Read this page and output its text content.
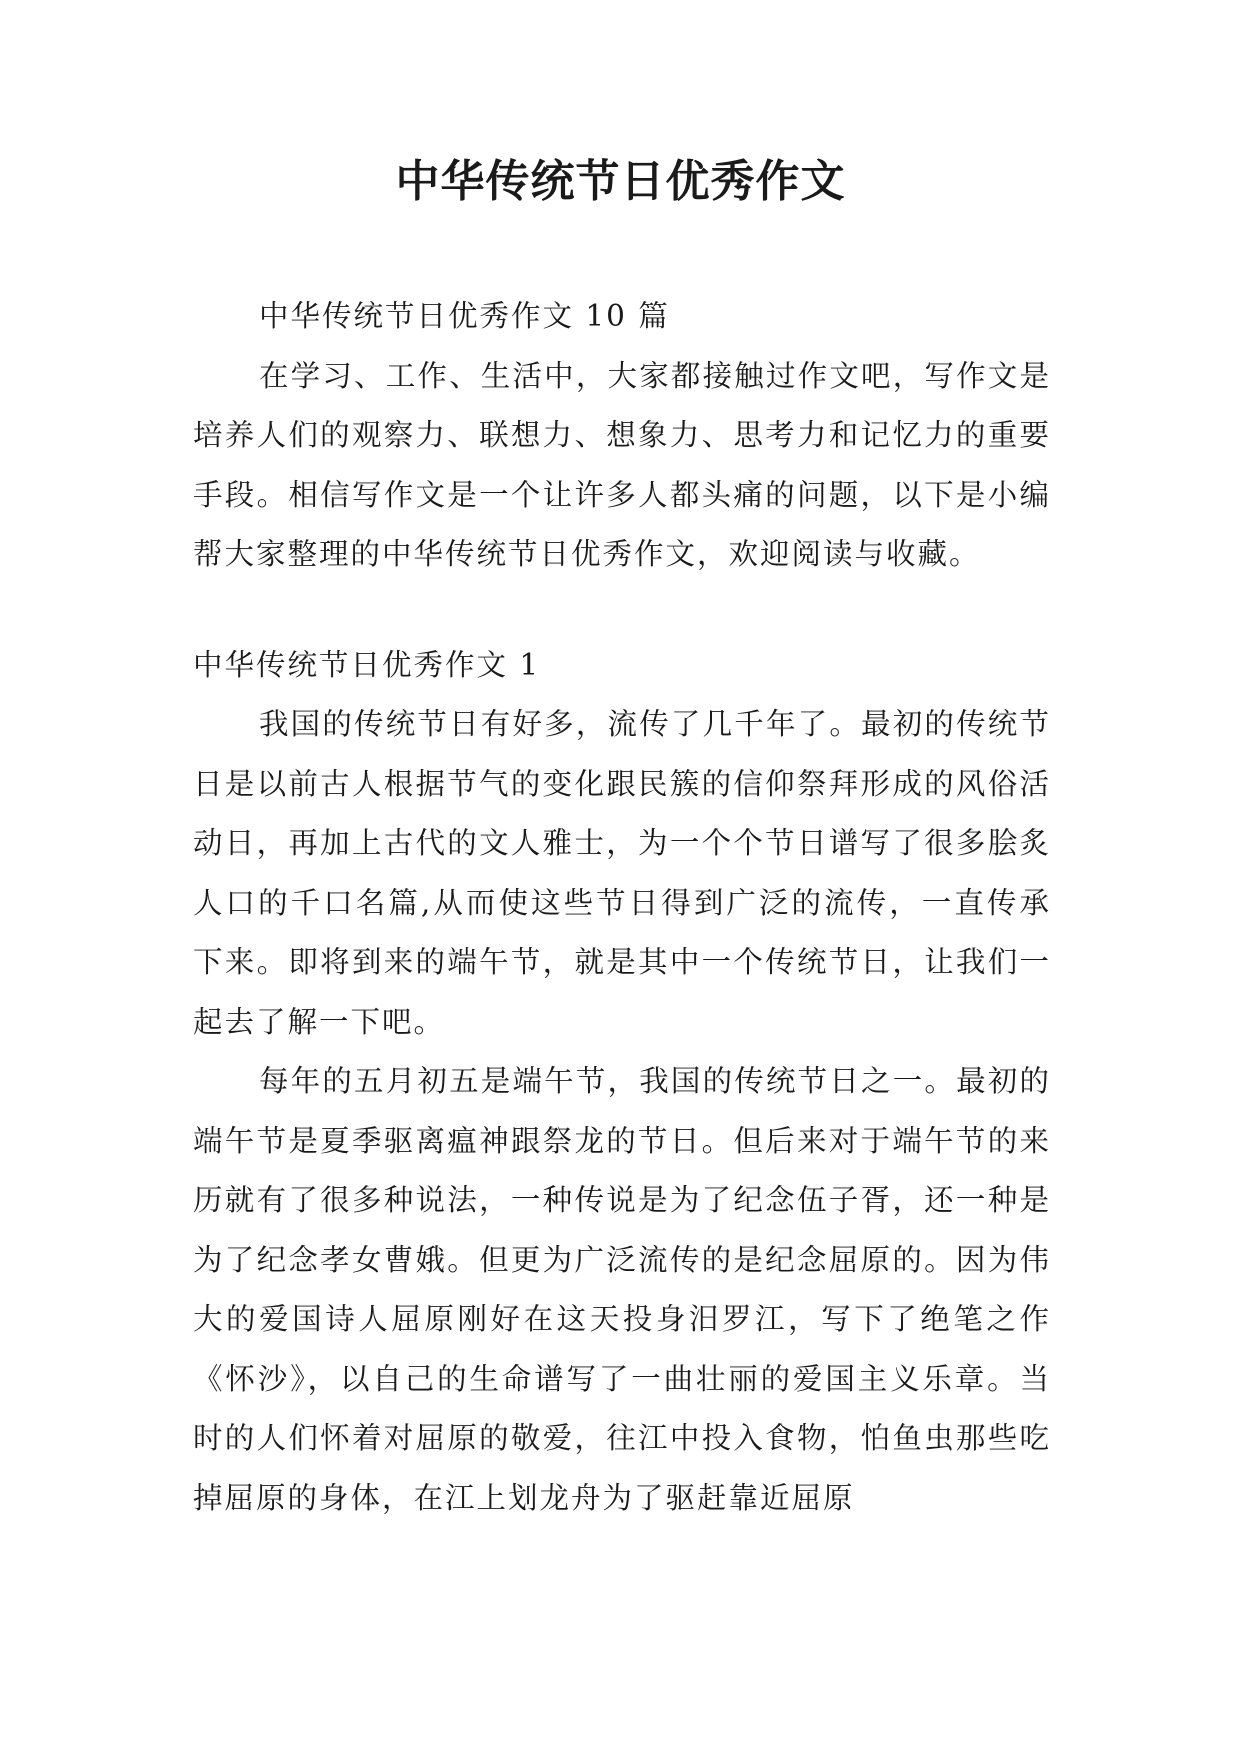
中华传统节日优秀作文

中华传统节日优秀作文 10 篇

在学习、工作、生活中，大家都接触过作文吧，写作文是培养人们的观察力、联想力、想象力、思考力和记忆力的重要手段。相信写作文是一个让许多人都头痛的问题，以下是小编帮大家整理的中华传统节日优秀作文，欢迎阅读与收藏。

中华传统节日优秀作文 1

我国的传统节日有好多，流传了几千年了。最初的传统节日是以前古人根据节气的变化跟民簇的信仰祭拜形成的风俗活动日，再加上古代的文人雅士，为一个个节日谱写了很多脍炙人口的千口名篇,从而使这些节日得到广泛的流传，一直传承下来。即将到来的端午节，就是其中一个传统节日，让我们一起去了解一下吧。

每年的五月初五是端午节，我国的传统节日之一。最初的端午节是夏季驱离瘟神跟祭龙的节日。但后来对于端午节的来历就有了很多种说法，一种传说是为了纪念伍子胥，还一种是为了纪念孝女曹娥。但更为广泛流传的是纪念屈原的。因为伟大的爱国诗人屈原刚好在这天投身汨罗江，写下了绝笔之作《怀沙》，以自己的生命谱写了一曲壮丽的爱国主义乐章。当时的人们怀着对屈原的敬爱，往江中投入食物，怕鱼虫那些吃掉屈原的身体，在江上划龙舟为了驱赶靠近屈原
